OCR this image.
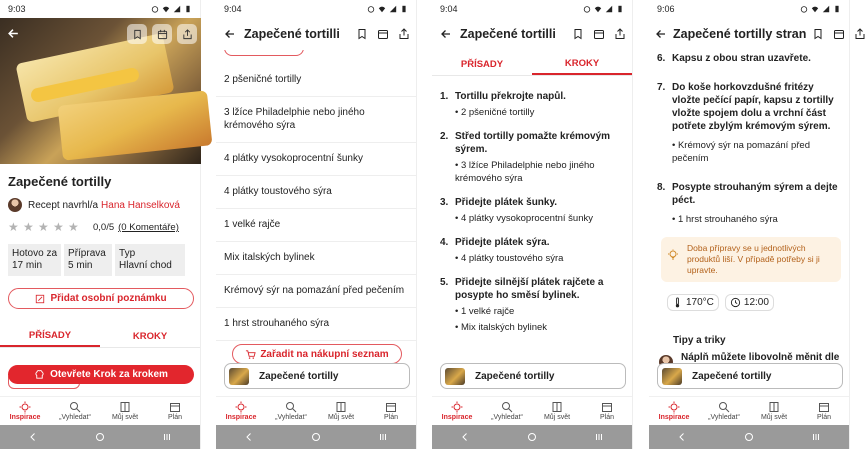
9:03
Zapečené tortilly
Recept navrhl/a Hana Hanselková
★ ★ ★ ★ ★ 0,0/5 (0 Komentáře)
Hotovo za
17 min
Příprava
5 min
Typ
Hlavní chod
Přidat osobní poznámku
PŘÍSADY	KROKY
Otevřete Krok za krokem
Inspirace	„Vyhledat“	Můj svět	Plán
9:04
Zapečené tortilli
2 pšeničné tortilly
3 lžíce Philadelphie nebo jiného krémového sýra
4 plátky vysokoprocentní šunky
4 plátky toustového sýra
1 velké rajče
Mix italských bylinek
Krémový sýr na pomazání před pečením
1 hrst strouhaného sýra
Zařadit na nákupní seznam
Zapečené tortilly
Inspirace	„Vyhledat“	Můj svět	Plán
9:04
Zapečené tortilli
PŘÍSADY	KROKY
1. Tortillu překrojte napůl.
• 2 pšeničné tortilly
2. Střed tortilly pomažte krémovým sýrem.
• 3 lžíce Philadelphie nebo jiného krémového sýra
3. Přidejte plátek šunky.
• 4 plátky vysokoprocentní šunky
4. Přidejte plátek sýra.
• 4 plátky toustového sýra
5. Přidejte silnější plátek rajčete a posypte ho směsí bylinek.
• 1 velké rajče
• Mix italských bylinek
Zapečené tortilly
Inspirace	„Vyhledat“	Můj svět	Plán
9:06
Zapečené tortilly stran
6. Kapsu z obou stran uzavřete.
7. Do koše horkovzdušné fritézy vložte pečící papír, kapsu z tortilly vložte spojem dolu a vrchní část potřete zbylým krémovým sýrem.
• Krémový sýr na pomazání před pečením
8. Posypte strouhaným sýrem a dejte péct.
• 1 hrst strouhaného sýra
Doba přípravy se u jednotlivých produktů liší. V případě potřeby si ji upravte.
170°C	12:00
Tipy a triky
Náplň můžete libovolně měnit dle
Zapečené tortilly
Inspirace	„Vyhledat“	Můj svět	Plán
